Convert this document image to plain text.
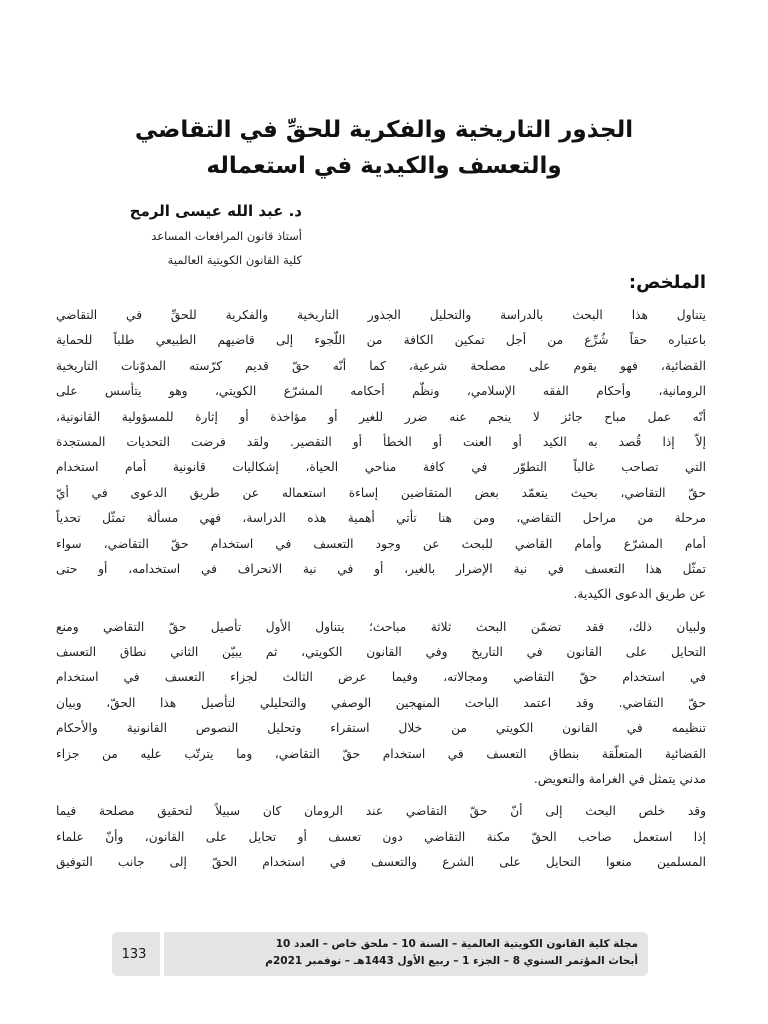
الجذور التاريخية والفكرية للحقِّ في التقاضي
والتعسف والكيدية في استعماله
د. عبد الله عيسى الرمح
أستاذ قانون المرافعات المساعد
كلية القانون الكويتية العالمية
الملخص:
يتناول هذا البحث بالدراسة والتحليل الجذور التاريخية والفكرية للحقِّ في التقاضي
باعتباره حقاً شُرِّع من أجل تمكين الكافة من اللّجوء إلى قاضيهم الطبيعي طلباً للحماية
القضائية، فهو يقوم على مصلحة شرعية، كما أنّه حقّ قديم كرّسته المدوّنات التاريخية
الرومانية، وأحكام الفقه الإسلامي، ونظّم أحكامه المشرّع الكويتي، وهو يتأسس على
أنّه عمل مباح جائز لا ينجم عنه ضرر للغير أو مؤاخذة أو إثارة للمسؤولية القانونية،
إلاّ إذا قُصد به الكيد أو العنت أو الخطأ أو التقصير. ولقد فرضت التحديات المستجدة
التي تصاحب غالباً التطوّر في كافة مناحي الحياة، إشكاليات قانونية أمام استخدام
حقّ التقاضي، بحيث يتعمّد بعض المتقاضين إساءة استعماله عن طريق الدعوى في أيّ
مرحلة من مراحل التقاضي، ومن هنا تأتي أهمية هذه الدراسة، فهي مسألة تمثّل تحدياً
أمام المشرّع وأمام القاضي للبحث عن وجود التعسف في استخدام حقّ التقاضي، سواء
تمثّل هذا التعسف في نية الإضرار بالغير، أو في نية الانحراف في استخدامه، أو حتى
عن طريق الدعوى الكيدية.
ولبيان ذلك، فقد تضمّن البحث ثلاثة مباحث؛ يتناول الأول تأصيل حقّ التقاضي ومنع
التحايل على القانون في التاريخ وفي القانون الكويتي، ثم يبيّن الثاني نطاق التعسف
في استخدام حقّ التقاضي ومجالاته، وفيما عرض الثالث لجزاء التعسف في استخدام
حقّ التقاضي. وقد اعتمد الباحث المنهجين الوصفي والتحليلي لتأصيل هذا الحقّ، وبيان
تنظيمه في القانون الكويتي من خلال استقراء وتحليل النصوص القانونية والأحكام
القضائية المتعلّقة بنطاق التعسف في استخدام حقّ التقاضي، وما يترتّب عليه من جزاء
مدني يتمثل في الغرامة والتعويض.
وقد خلص البحث إلى أنّ حقّ التقاضي عند الرومان كان سبيلاً لتحقيق مصلحة فيما
إذا استعمل صاحب الحقّ مكنة التقاضي دون تعسف أو تحايل على القانون، وأنّ علماء
المسلمين منعوا التحايل على الشرع والتعسف في استخدام الحقّ إلى جانب التوفيق
مجلة كلية القانون الكويتية العالمية – السنة 10 – ملحق خاص – العدد 10
أبحاث المؤتمر السنوي 8 – الجزء 1 – ربيع الأول 1443هـ – نوفمبر 2021م
133
